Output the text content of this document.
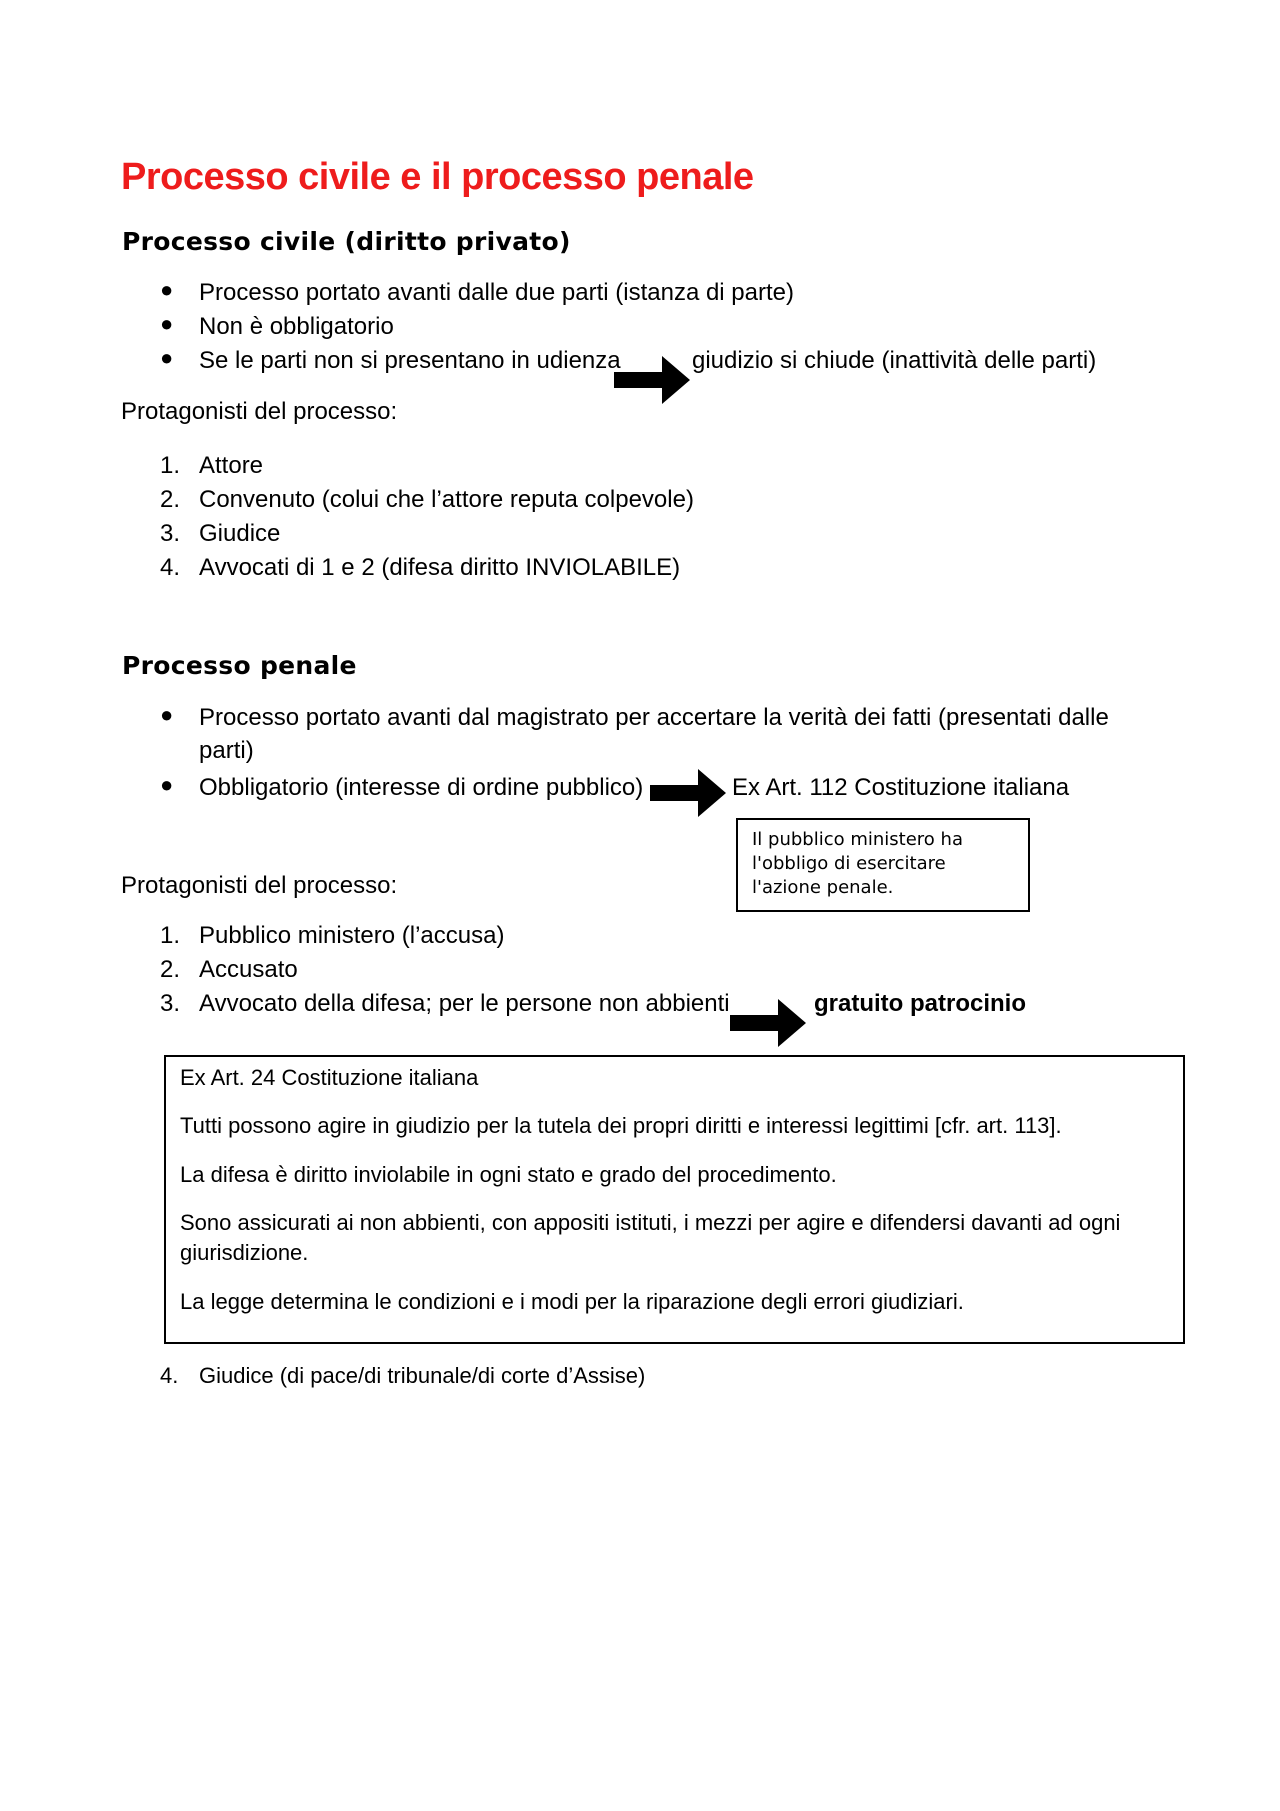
Processo civile e il processo penale
Processo civile (diritto privato)
● Processo portato avanti dalle due parti (istanza di parte)
● Non è obbligatorio
● Se le parti non si presentano in udienza	giudizio si chiude (inattività delle parti)
Protagonisti del processo:
1. Attore
2. Convenuto (colui che l’attore reputa colpevole)
3. Giudice
4. Avvocati di 1 e 2 (difesa diritto INVIOLABILE)
Processo penale
● Processo portato avanti dal magistrato per accertare la verità dei fatti (presentati dalle
parti)
● Obbligatorio (interesse di ordine pubblico)	Ex Art. 112 Costituzione italiana
Il pubblico ministero ha
l'obbligo di esercitare
l'azione penale.
Protagonisti del processo:
1. Pubblico ministero (l’accusa)
2. Accusato
3. Avvocato della difesa; per le persone non abbienti	gratuito patrocinio

Ex Art. 24 Costituzione italiana

Tutti possono agire in giudizio per la tutela dei propri diritti e interessi legittimi [cfr. art. 113].

La difesa è diritto inviolabile in ogni stato e grado del procedimento.

Sono assicurati ai non abbienti, con appositi istituti, i mezzi per agire e difendersi davanti ad ogni

giurisdizione.

La legge determina le condizioni e i modi per la riparazione degli errori giudiziari.

4. Giudice (di pace/di tribunale/di corte d’Assise)
